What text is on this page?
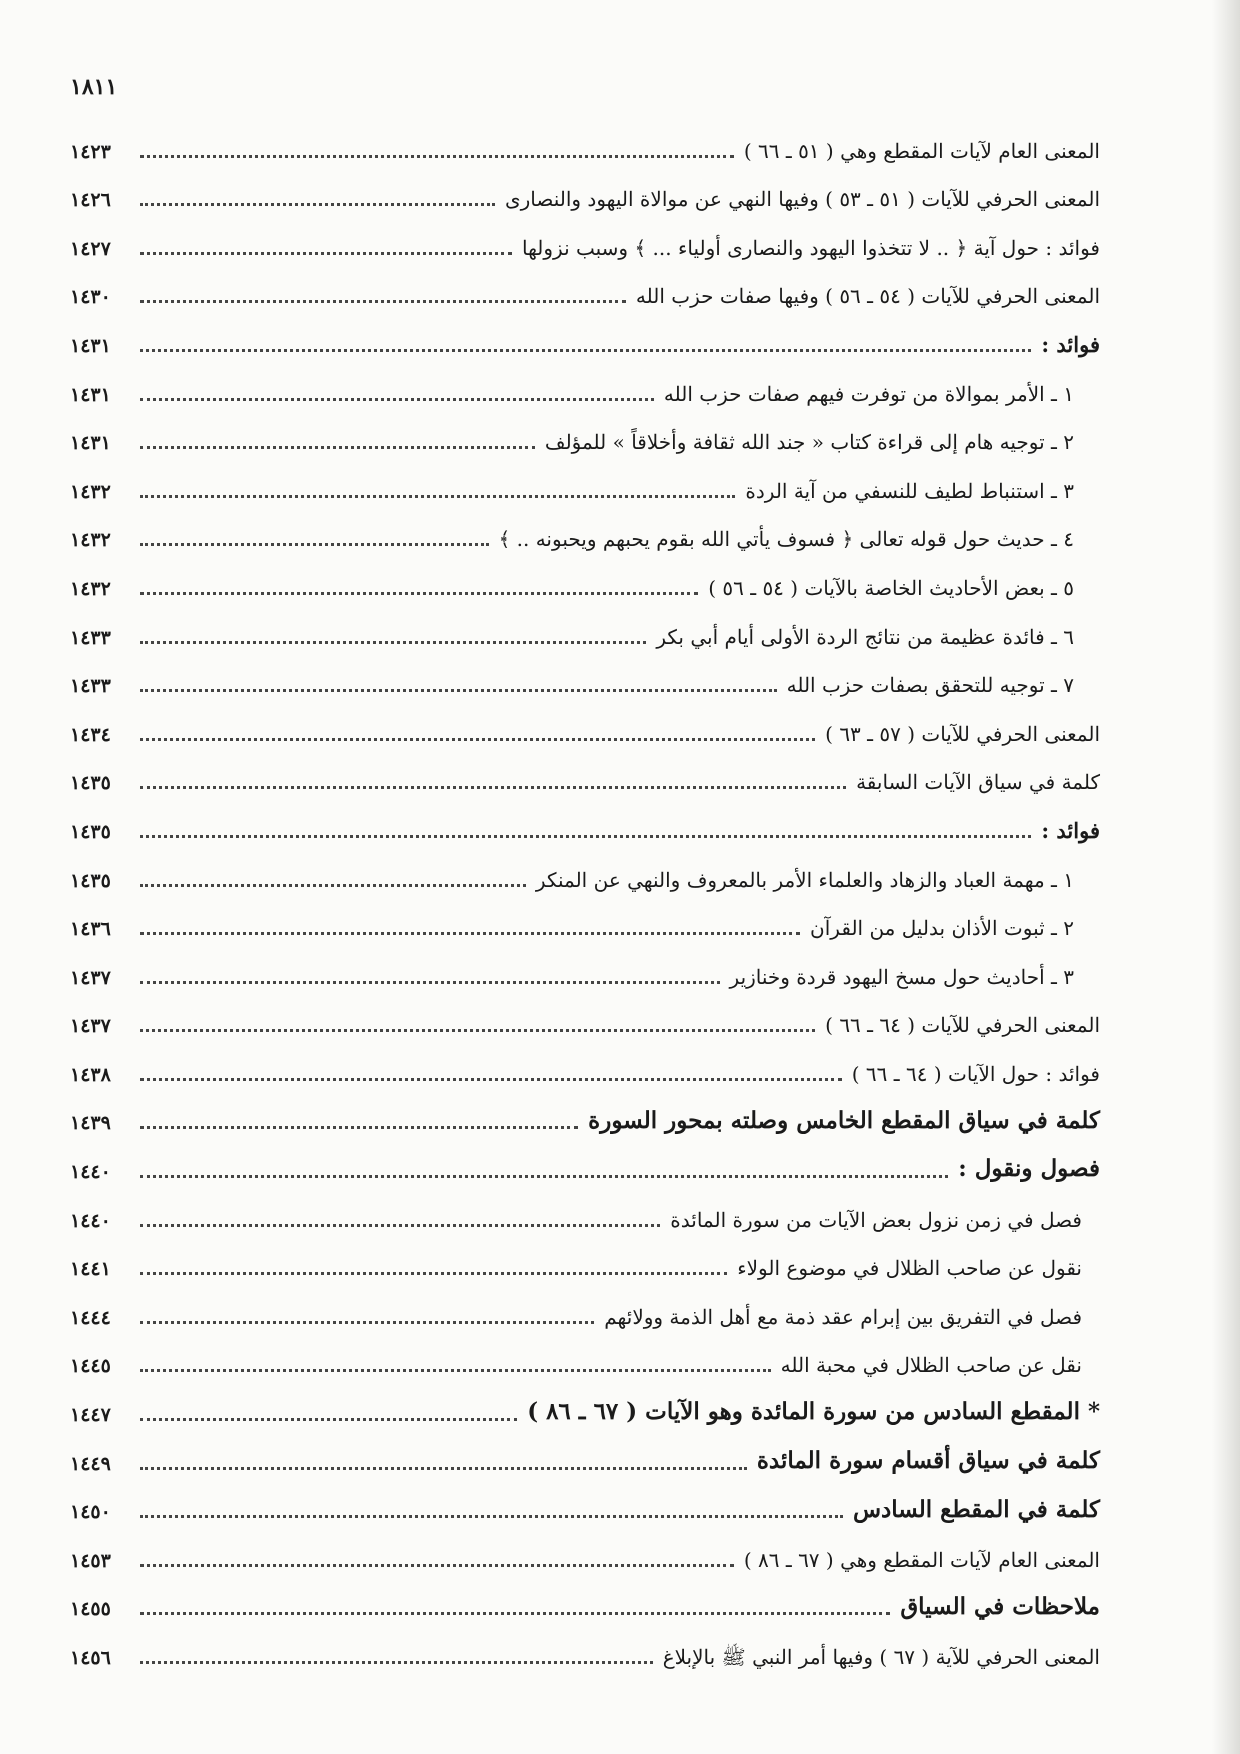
١٨١١
المعنى العام لآيات المقطع وهي ( ٥١ ـ ٦٦ )
١٤٢٣
المعنى الحرفي للآيات ( ٥١ ـ ٥٣ ) وفيها النهي عن موالاة اليهود والنصارى
١٤٢٦
فوائد : حول آية ﴿ .. لا تتخذوا اليهود والنصارى أولياء ... ﴾ وسبب نزولها
١٤٢٧
المعنى الحرفي للآيات ( ٥٤ ـ ٥٦ ) وفيها صفات حزب الله
١٤٣٠
فوائد :
١٤٣١
١ ـ الأمر بموالاة من توفرت فيهم صفات حزب الله
١٤٣١
٢ ـ توجيه هام إلى قراءة كتاب « جند الله ثقافة وأخلاقاً » للمؤلف
١٤٣١
٣ ـ استنباط لطيف للنسفي من آية الردة
١٤٣٢
٤ ـ حديث حول قوله تعالى ﴿ فسوف يأتي الله بقوم يحبهم ويحبونه .. ﴾
١٤٣٢
٥ ـ بعض الأحاديث الخاصة بالآيات ( ٥٤ ـ ٥٦ )
١٤٣٢
٦ ـ فائدة عظيمة من نتائج الردة الأولى أيام أبي بكر
١٤٣٣
٧ ـ توجيه للتحقق بصفات حزب الله
١٤٣٣
المعنى الحرفي للآيات ( ٥٧ ـ ٦٣ )
١٤٣٤
كلمة في سياق الآيات السابقة
١٤٣٥
فوائد :
١٤٣٥
١ ـ مهمة العباد والزهاد والعلماء الأمر بالمعروف والنهي عن المنكر
١٤٣٥
٢ ـ ثبوت الأذان بدليل من القرآن
١٤٣٦
٣ ـ أحاديث حول مسخ اليهود قردة وخنازير
١٤٣٧
المعنى الحرفي للآيات ( ٦٤ ـ ٦٦ )
١٤٣٧
فوائد : حول الآيات ( ٦٤ ـ ٦٦ )
١٤٣٨
كلمة في سياق المقطع الخامس وصلته بمحور السورة
١٤٣٩
فصول ونقول :
١٤٤٠
فصل في زمن نزول بعض الآيات من سورة المائدة
١٤٤٠
نقول عن صاحب الظلال في موضوع الولاء
١٤٤١
فصل في التفريق بين إبرام عقد ذمة مع أهل الذمة وولائهم
١٤٤٤
نقل عن صاحب الظلال في محبة الله
١٤٤٥
* المقطع السادس من سورة المائدة وهو الآيات ( ٦٧ ـ ٨٦ )
١٤٤٧
كلمة في سياق أقسام سورة المائدة
١٤٤٩
كلمة في المقطع السادس
١٤٥٠
المعنى العام لآيات المقطع وهي ( ٦٧ ـ ٨٦ )
١٤٥٣
ملاحظات في السياق
١٤٥٥
المعنى الحرفي للآية ( ٦٧ ) وفيها أمر النبي ﷺ بالإبلاغ
١٤٥٦
